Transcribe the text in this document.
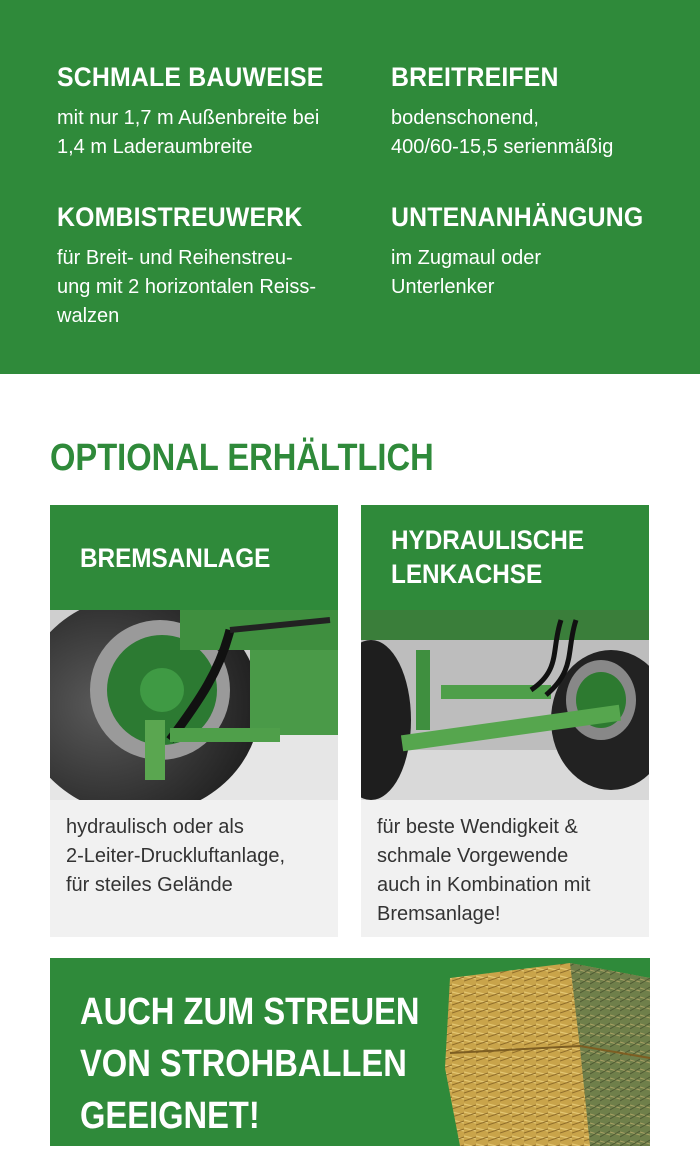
SCHMALE BAUWEISE

mit nur 1,7 m Außenbreite bei
1,4 m Laderaumbreite

BREITREIFEN

bodenschonend,
400/60-15,5 serienmäßig

KOMBISTREUWERK

für Breit- und Reihenstreu-
ung mit 2 horizontalen Reiss-
walzen

UNTENANHÄNGUNG

im Zugmaul oder
Unterlenker

OPTIONAL ERHÄLTLICH
BREMSANLAGE
hydraulisch oder als
2-Leiter-Druckluftanlage,
für steiles Gelände
HYDRAULISCHE
LENKACHSE
für beste Wendigkeit &
schmale Vorgewende
auch in Kombination mit
Bremsanlage!
AUCH ZUM STREUEN
VON STROHBALLEN
GEEIGNET!
